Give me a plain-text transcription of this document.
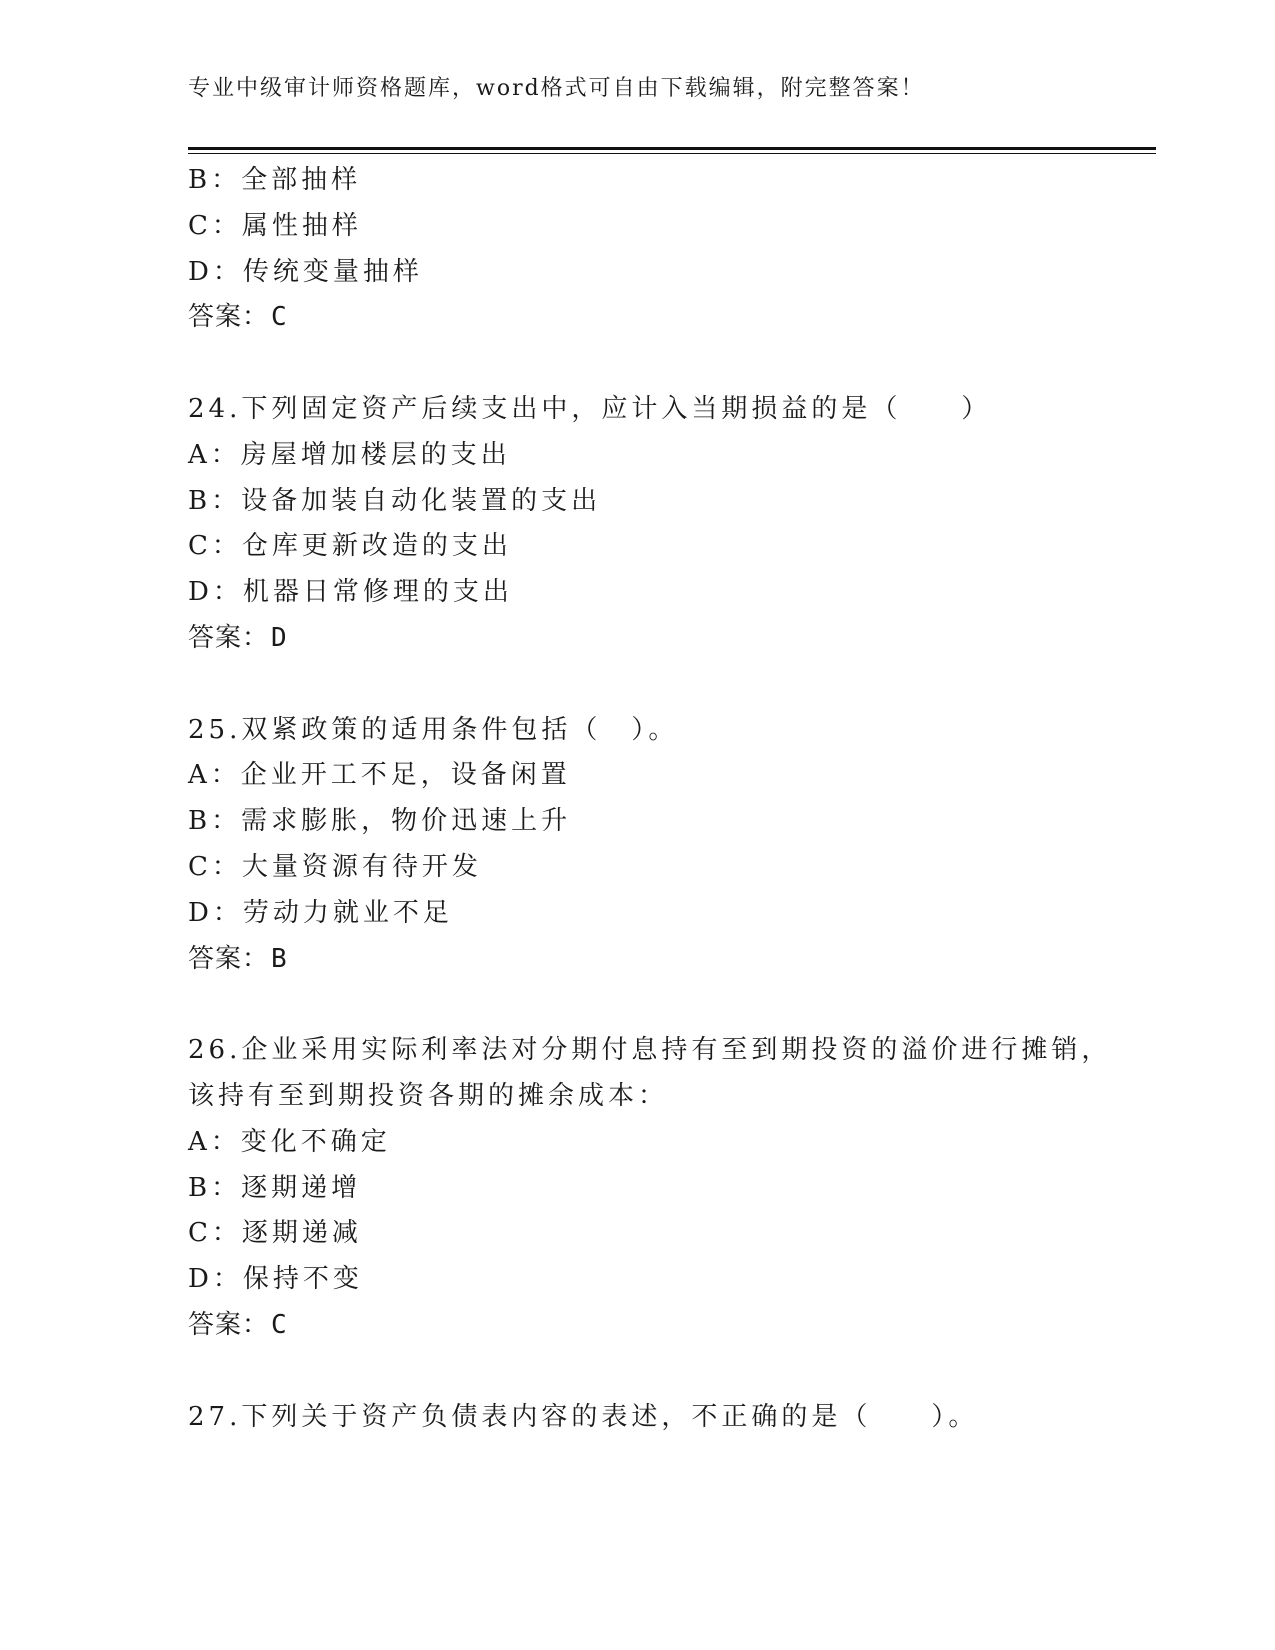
专业中级审计师资格题库，word格式可自由下载编辑，附完整答案！
B：全部抽样
C：属性抽样
D：传统变量抽样
答案：C
24.下列固定资产后续支出中，应计入当期损益的是（　　）
A：房屋增加楼层的支出
B：设备加装自动化装置的支出
C：仓库更新改造的支出
D：机器日常修理的支出
答案：D
25.双紧政策的适用条件包括（　）。
A：企业开工不足，设备闲置
B：需求膨胀，物价迅速上升
C：大量资源有待开发
D：劳动力就业不足
答案：B
26.企业采用实际利率法对分期付息持有至到期投资的溢价进行摊销，
该持有至到期投资各期的摊余成本：
A：变化不确定
B：逐期递增
C：逐期递减
D：保持不变
答案：C
27.下列关于资产负债表内容的表述，不正确的是（　　）。
